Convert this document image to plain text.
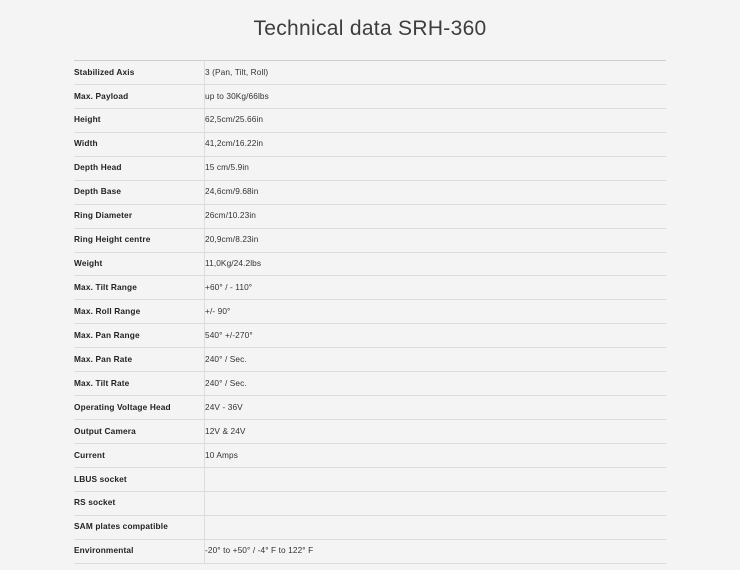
Technical data SRH-360
Stabilized Axis	3 (Pan, Tilt, Roll)
Max. Payload	up to 30Kg/66lbs
Height	62,5cm/25.66in
Width	41,2cm/16.22in
Depth Head	15 cm/5.9in
Depth Base	24,6cm/9.68in
Ring Diameter	26cm/10.23in
Ring Height centre	20,9cm/8.23in
Weight	11,0Kg/24.2lbs
Max. Tilt Range	+60° / - 110°
Max. Roll Range	+/- 90°
Max. Pan Range	540° +/-270°
Max. Pan Rate	240° / Sec.
Max. Tilt Rate	240° / Sec.
Operating Voltage Head	24V - 36V
Output Camera	12V & 24V
Current	10 Amps
LBUS socket	
RS socket	
SAM plates compatible	
Environmental	-20° to +50° / -4° F to 122° F
